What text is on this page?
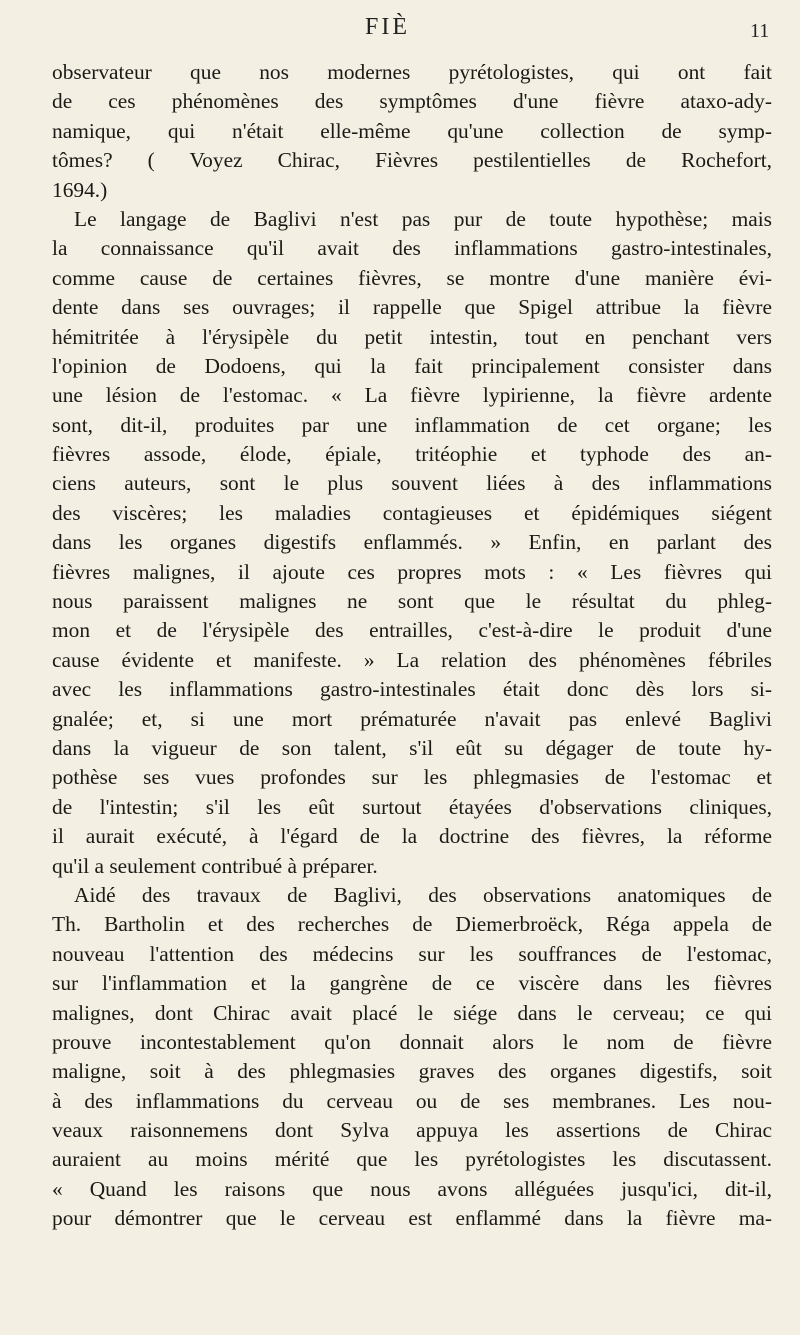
FIÈ	11
observateur que nos modernes pyrétologistes, qui ont fait
de ces phénomènes des symptômes d'une fièvre ataxo-ady-
namique, qui n'était elle-même qu'une collection de symp-
tômes? ( Voyez Chirac, Fièvres pestilentielles de Rochefort,
1694.)
Le langage de Baglivi n'est pas pur de toute hypothèse; mais
la connaissance qu'il avait des inflammations gastro-intestinales,
comme cause de certaines fièvres, se montre d'une manière évi-
dente dans ses ouvrages; il rappelle que Spigel attribue la fièvre
hémitritée à l'érysipèle du petit intestin, tout en penchant vers
l'opinion de Dodoens, qui la fait principalement consister dans
une lésion de l'estomac. « La fièvre lypirienne, la fièvre ardente
sont, dit-il, produites par une inflammation de cet organe; les
fièvres assode, élode, épiale, tritéophie et typhode des an-
ciens auteurs, sont le plus souvent liées à des inflammations
des viscères; les maladies contagieuses et épidémiques siégent
dans les organes digestifs enflammés. » Enfin, en parlant des
fièvres malignes, il ajoute ces propres mots : « Les fièvres qui
nous paraissent malignes ne sont que le résultat du phleg-
mon et de l'érysipèle des entrailles, c'est-à-dire le produit d'une
cause évidente et manifeste. » La relation des phénomènes fébriles
avec les inflammations gastro-intestinales était donc dès lors si-
gnalée; et, si une mort prématurée n'avait pas enlevé Baglivi
dans la vigueur de son talent, s'il eût su dégager de toute hy-
pothèse ses vues profondes sur les phlegmasies de l'estomac et
de l'intestin; s'il les eût surtout étayées d'observations cliniques,
il aurait exécuté, à l'égard de la doctrine des fièvres, la réforme
qu'il a seulement contribué à préparer.
Aidé des travaux de Baglivi, des observations anatomiques de
Th. Bartholin et des recherches de Diemerbroëck, Réga appela de
nouveau l'attention des médecins sur les souffrances de l'estomac,
sur l'inflammation et la gangrène de ce viscère dans les fièvres
malignes, dont Chirac avait placé le siége dans le cerveau; ce qui
prouve incontestablement qu'on donnait alors le nom de fièvre
maligne, soit à des phlegmasies graves des organes digestifs, soit
à des inflammations du cerveau ou de ses membranes. Les nou-
veaux raisonnemens dont Sylva appuya les assertions de Chirac
auraient au moins mérité que les pyrétologistes les discutassent.
« Quand les raisons que nous avons alléguées jusqu'ici, dit-il,
pour démontrer que le cerveau est enflammé dans la fièvre ma-
